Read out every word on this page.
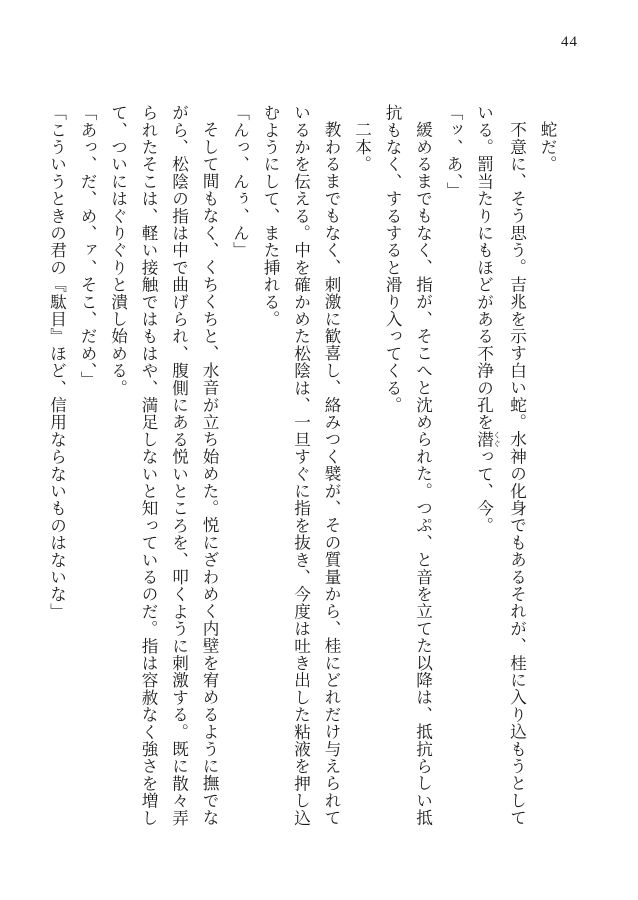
44
蛇だ。
不意に、そう思う。吉兆を示す白い蛇。水神の化身でもあるそれが、桂に入り込もうとして
いる。罰当たりにもほどがある不浄の孔を潜 くぐって、今。
「ッ、あ、」
緩めるまでもなく、指が、そこへと沈められた。つぷ、と音を立てた以降は、抵抗らしい抵
抗もなく、するすると滑り入ってくる。
二本。
教わるまでもなく、刺激に歓喜し、絡みつく襞が、その質量から、桂にどれだけ与えられて
いるかを伝える。中を確かめた松陰は、一旦すぐに指を抜き、今度は吐き出した粘液を押し込
むようにして、また挿れる。
「んっ、んぅ、ん」
そして間もなく、くちくちと、水音が立ち始めた。悦にざわめく内壁を宥めるように撫でな
がら、松陰の指は中で曲げられ、腹側にある悦いところを、叩くように刺激する。既に散々弄
られたそこは、軽い接触ではもはや、満足しないと知っているのだ。指は容赦なく強さを増し
て、ついにはぐりぐりと潰し始める。
「あっ、だ、め、ァ、そこ、だめ、」
「こういうときの君の『駄目』ほど、信用ならないものはないな」
